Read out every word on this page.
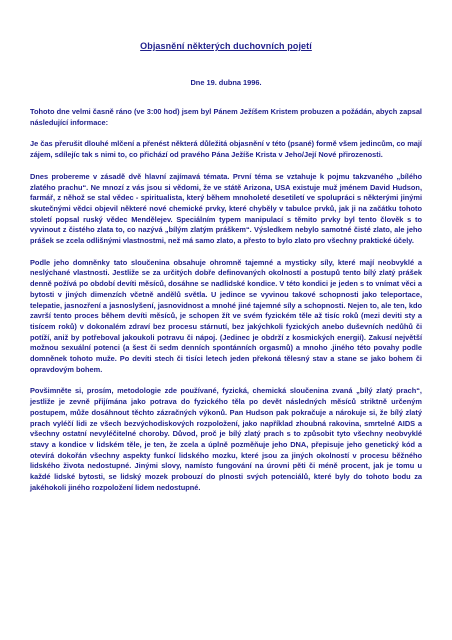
Objasnění některých duchovních pojetí
Dne 19. dubna 1996.

Tohoto dne velmi časně ráno (ve 3:00 hod) jsem byl Pánem Ježíšem Kristem probuzen a požádán, abych zapsal následující informace:

Je čas přerušit dlouhé mlčení a přenést některá důležitá objasnění v této (psané) formě všem jedincům, co mají zájem, sdílejíc tak s nimi to, co přichází od pravého Pána Ježíše Krista v Jeho/Její Nové přirozenosti.

Dnes probereme v zásadě dvě hlavní zajímavá témata. První téma se vztahuje k pojmu takzvaného „bílého zlatého prachu“. Ne mnozí z vás jsou si vědomi, že ve státě Arizona, USA existuje muž jménem David Hudson, farmář, z něhož se stal vědec - spiritualista, který během mnoholeté desetiletí ve spolupráci s některými jinými skutečnými vědci objevil některé nové chemické prvky, které chyběly v tabulce prvků, jak ji na začátku tohoto století popsal ruský vědec Mendělejev. Speciálním typem manipulací s těmito prvky byl tento člověk s to vyvinout z čistého zlata to, co nazývá „bílým zlatým práškem“. Výsledkem nebylo samotné čisté zlato, ale jeho prášek se zcela odlišnými vlastnostmi, než má samo zlato, a přesto to bylo zlato pro všechny praktické účely.

Podle jeho domněnky tato sloučenina obsahuje ohromně tajemné a mysticky síly, které mají neobvyklé a neslýchané vlastnosti. Jestliže se za určitých dobře definovaných okolností a postupů tento bílý zlatý prášek denně požívá po období devíti měsíců, dosáhne se nadlidské kondice. V této kondici je jeden s to vnímat věci a bytosti v jiných dimenzích včetně andělů světla. U jedince se vyvinou takové schopnosti jako teleportace, telepatie, jasnozření a jasnoslyšení, jasnovidnost a mnohé jiné tajemné síly a schopnosti. Nejen to, ale ten, kdo završí tento proces během devíti měsíců, je schopen žít ve svém fyzickém těle až tisíc roků (mezi deviti sty a tisícem roků) v dokonalém zdraví bez procesu stárnutí, bez jakýchkoli fyzických anebo duševních nedůhů či potíží, aniž by potřeboval jakoukoli potravu či nápoj. (Jedinec je obdrží z kosmických energií). Zakusí největší možnou sexuální potenci (a šest či sedm denních spontánních orgasmů) a mnoho .jiného této povahy podle domněnek tohoto muže. Po devíti stech či tisíci letech jeden překoná tělesný stav a stane se jako bohem či opravdovým bohem.

Povšimněte si, prosím, metodologie zde používané, fyzická, chemická sloučenina zvaná „bílý zlatý prach“, jestliže je zevně přijímána jako potrava do fyzického těla po devět následných měsíců striktně určeným postupem, může dosáhnout těchto zázračných výkonů. Pan Hudson pak pokračuje a nárokuje si, že bílý zlatý prach vyléčí lidi ze všech bezvýchodiskových rozpoložení, jako například zhoubná rakovina, smrtelné AIDS a všechny ostatní nevyléčitelné choroby. Důvod, proč je bílý zlatý prach s to způsobit tyto všechny neobvyklé stavy a kondice v lidském těle, je ten, že zcela a úplně pozměňuje jeho DNA, přepisuje jeho genetický kód a otevírá dokořán všechny aspekty funkcí lidského mozku, které jsou za jiných okolností v procesu běžného lidského života nedostupné. Jinými slovy, namísto fungování na úrovni pěti či méně procent, jak je tomu u každé lidské bytosti, se lidský mozek probouzí do plnosti svých potenciálů, které byly do tohoto bodu za jakéhokoli jiného rozpoložení lidem nedostupné.
